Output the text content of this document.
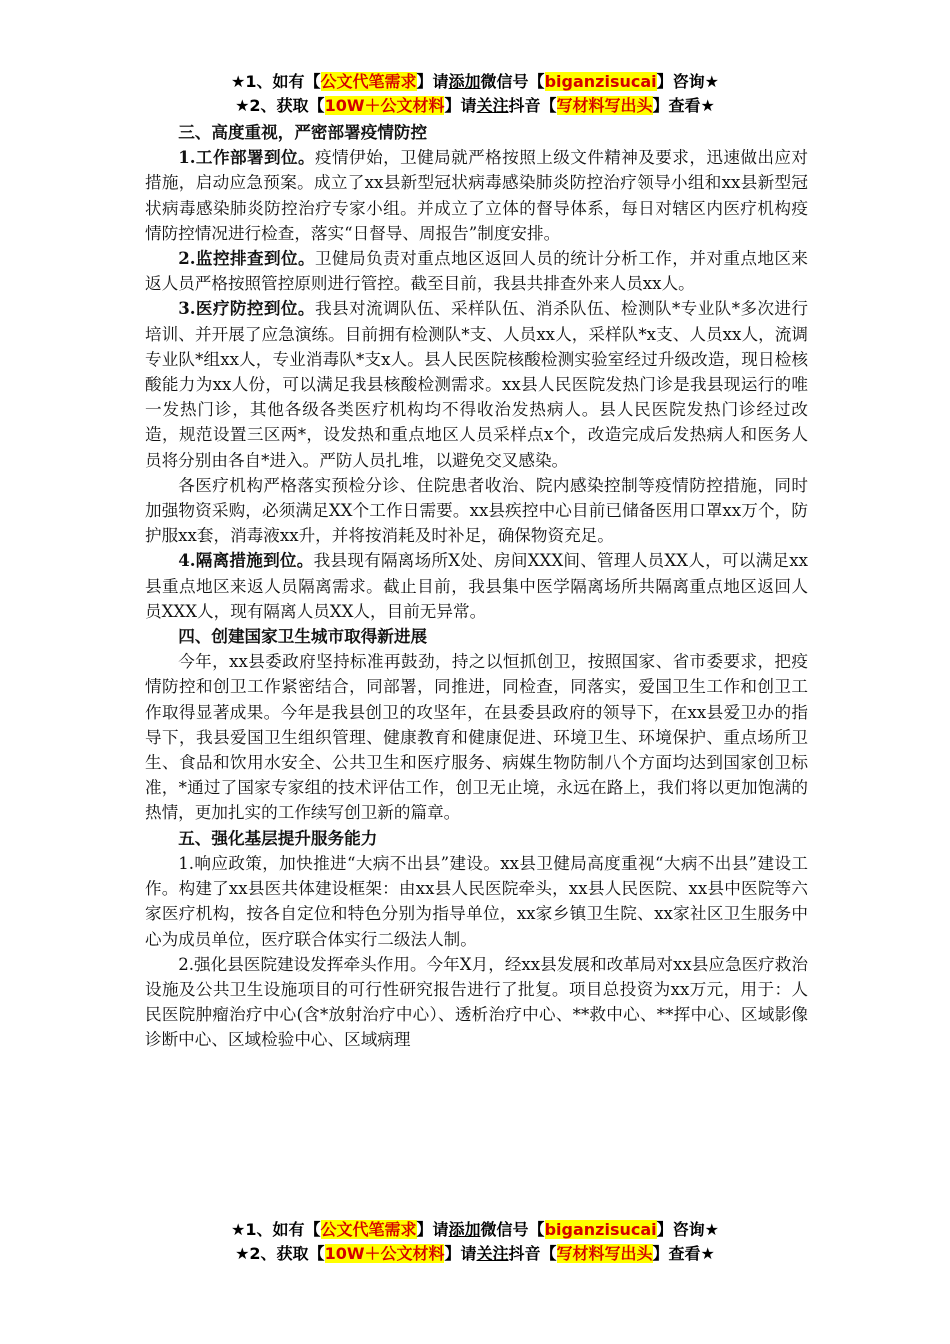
★1、如有【公文代笔需求】请添加微信号【biganzisucai】咨询★
★2、获取【10W＋公文材料】请关注抖音【写材料写出头】查看★

三、高度重视，严密部署疫情防控

1.工作部署到位。疫情伊始，卫健局就严格按照上级文件精神及要求，迅速做出应对措施，启动应急预案。成立了xx县新型冠状病毒感染肺炎防控治疗领导小组和xx县新型冠状病毒感染肺炎防控治疗专家小组。并成立了立体的督导体系，每日对辖区内医疗机构疫情防控情况进行检查，落实“日督导、周报告”制度安排。

2.监控排查到位。卫健局负责对重点地区返回人员的统计分析工作，并对重点地区来返人员严格按照管控原则进行管控。截至目前，我县共排查外来人员xx人。

3.医疗防控到位。我县对流调队伍、采样队伍、消杀队伍、检测队*专业队*多次进行培训、并开展了应急演练。目前拥有检测队*支、人员xx人，采样队*x支、人员xx人，流调专业队*组xx人，专业消毒队*支x人。县人民医院核酸检测实验室经过升级改造，现日检核酸能力为xx人份，可以满足我县核酸检测需求。xx县人民医院发热门诊是我县现运行的唯一发热门诊，其他各级各类医疗机构均不得收治发热病人。县人民医院发热门诊经过改造，规范设置三区两*，设发热和重点地区人员采样点x个，改造完成后发热病人和医务人员将分别由各自*进入。严防人员扎堆，以避免交叉感染。

各医疗机构严格落实预检分诊、住院患者收治、院内感染控制等疫情防控措施，同时加强物资采购，必须满足XX个工作日需要。xx县疾控中心目前已储备医用口罩xx万个，防护服xx套，消毒液xx升，并将按消耗及时补足，确保物资充足。

4.隔离措施到位。我县现有隔离场所X处、房间XXX间、管理人员XX人，可以满足xx县重点地区来返人员隔离需求。截止目前，我县集中医学隔离场所共隔离重点地区返回人员XXX人，现有隔离人员XX人，目前无异常。

四、创建国家卫生城市取得新进展

今年，xx县委政府坚持标准再鼓劲，持之以恒抓创卫，按照国家、省市委要求，把疫情防控和创卫工作紧密结合，同部署，同推进，同检查，同落实，爱国卫生工作和创卫工作取得显著成果。今年是我县创卫的攻坚年，在县委县政府的领导下，在xx县爱卫办的指导下，我县爱国卫生组织管理、健康教育和健康促进、环境卫生、环境保护、重点场所卫生、食品和饮用水安全、公共卫生和医疗服务、病媒生物防制八个方面均达到国家创卫标准，*通过了国家专家组的技术评估工作，创卫无止境，永远在路上，我们将以更加饱满的热情，更加扎实的工作续写创卫新的篇章。

五、强化基层提升服务能力

1.响应政策，加快推进“大病不出县”建设。xx县卫健局高度重视“大病不出县”建设工作。构建了xx县医共体建设框架：由xx县人民医院牵头，xx县人民医院、xx县中医院等六家医疗机构，按各自定位和特色分别为指导单位，xx家乡镇卫生院、xx家社区卫生服务中心为成员单位，医疗联合体实行二级法人制。

2.强化县医院建设发挥牵头作用。今年X月，经xx县发展和改革局对xx县应急医疗救治设施及公共卫生设施项目的可行性研究报告进行了批复。项目总投资为xx万元，用于：人民医院肿瘤治疗中心(含*放射治疗中心）、透析治疗中心、**救中心、**挥中心、区域影像诊断中心、区域检验中心、区域病理

★1、如有【公文代笔需求】请添加微信号【biganzisucai】咨询★
★2、获取【10W＋公文材料】请关注抖音【写材料写出头】查看★
